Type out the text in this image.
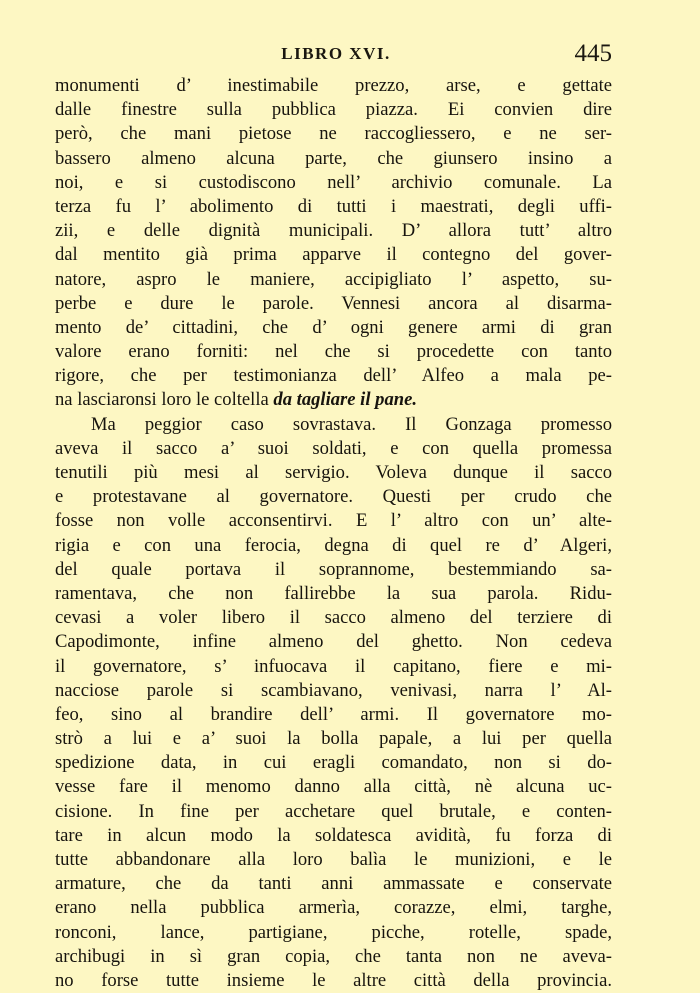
LIBRO XVI.	445
monumenti d’ inestimabile prezzo, arse, e gettate
dalle finestre sulla pubblica piazza. Ei convien dire
però, che mani pietose ne raccogliessero, e ne ser-
bassero almeno alcuna parte, che giunsero insino a
noi, e si custodiscono nell’ archivio comunale. La
terza fu l’ abolimento di tutti i maestrati, degli uffi-
zii, e delle dignità municipali. D’ allora tutt’ altro
dal mentito già prima apparve il contegno del gover-
natore, aspro le maniere, accipigliato l’ aspetto, su-
perbe e dure le parole. Vennesi ancora al disarma-
mento de’ cittadini, che d’ ogni genere armi di gran
valore erano forniti: nel che si procedette con tanto
rigore, che per testimonianza dell’ Alfeo a mala pe-
na lasciaronsi loro le coltella da tagliare il pane.
Ma peggior caso sovrastava. Il Gonzaga promesso
aveva il sacco a’ suoi soldati, e con quella promessa
tenutili più mesi al servigio. Voleva dunque il sacco
e protestavane al governatore. Questi per crudo che
fosse non volle acconsentirvi. E l’ altro con un’ alte-
rigia e con una ferocia, degna di quel re d’ Algeri,
del quale portava il soprannome, bestemmiando sa-
ramentava, che non fallirebbe la sua parola. Ridu-
cevasi a voler libero il sacco almeno del terziere di
Capodimonte, infine almeno del ghetto. Non cedeva
il governatore, s’ infuocava il capitano, fiere e mi-
nacciose parole si scambiavano, venivasi, narra l’ Al-
feo, sino al brandire dell’ armi. Il governatore mo-
strò a lui e a’ suoi la bolla papale, a lui per quella
spedizione data, in cui eragli comandato, non si do-
vesse fare il menomo danno alla città, nè alcuna uc-
cisione. In fine per acchetare quel brutale, e conten-
tare in alcun modo la soldatesca avidità, fu forza di
tutte abbandonare alla loro balìa le munizioni, e le
armature, che da tanti anni ammassate e conservate
erano nella pubblica armerìa, corazze, elmi, targhe,
ronconi, lance, partigiane, picche, rotelle, spade,
archibugi in sì gran copia, che tanta non ne aveva-
no forse tutte insieme le altre città della provincia.
